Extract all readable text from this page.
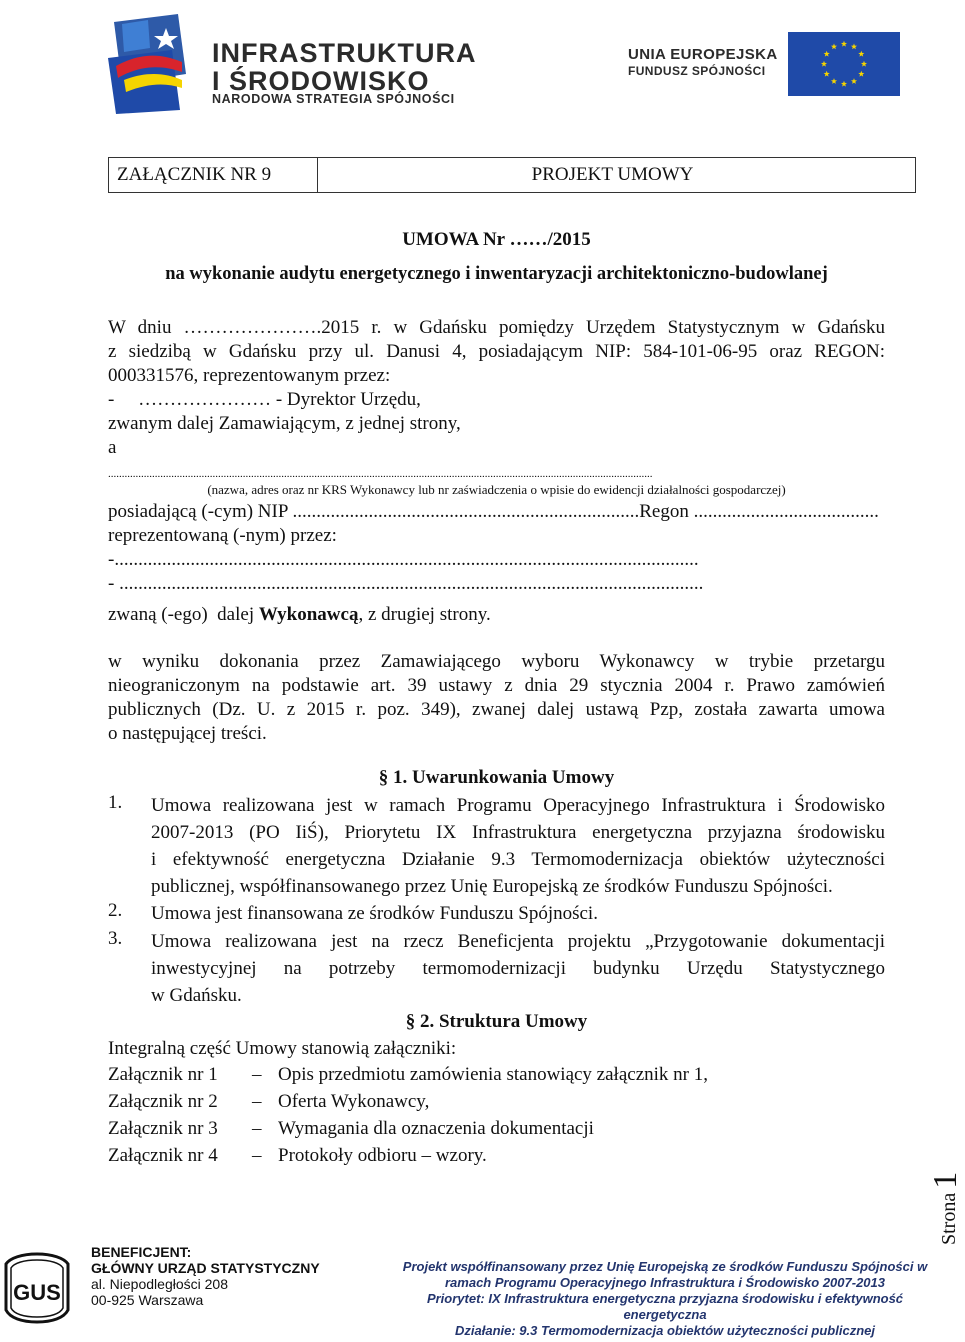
INFRASTRUKTURA
I ŚRODOWISKO
NARODOWA STRATEGIA SPÓJNOŚCI
UNIA EUROPEJSKA
FUNDUSZ SPÓJNOŚCI
ZAŁĄCZNIK NR 9	PROJEKT UMOWY
UMOWA Nr ……/2015
na wykonanie audytu energetycznego i inwentaryzacji architektoniczno-budowlanej
W dniu ………………….2015 r. w Gdańsku pomiędzy Urzędem Statystycznym w Gdańsku
z siedzibą w Gdańsku przy ul. Danusi 4, posiadającym NIP: 584-101-06-95 oraz REGON:
000331576, reprezentowanym przez:
-     ………………… - Dyrektor Urzędu,
zwanym dalej Zamawiającym, z jednej strony,
a
......................................................................................................................................................................................................
(nazwa, adres oraz nr KRS Wykonawcy lub nr zaświadczenia o wpisie do ewidencji działalności gospodarczej)
posiadającą (-cym) NIP .........................................................................Regon .......................................
reprezentowaną (-nym) przez:
-...........................................................................................................................
- ...........................................................................................................................
zwaną (-ego)  dalej Wykonawcą, z drugiej strony.
w wyniku dokonania przez Zamawiającego wyboru Wykonawcy w trybie przetargu
nieograniczonym na podstawie art. 39 ustawy z dnia 29 stycznia 2004 r. Prawo zamówień
publicznych (Dz. U. z 2015 r. poz. 349), zwanej dalej ustawą Pzp, została zawarta umowa
o następującej treści.
§ 1. Uwarunkowania Umowy
1. Umowa realizowana jest w ramach Programu Operacyjnego Infrastruktura i Środowisko
2007-2013 (PO IiŚ), Priorytetu IX Infrastruktura energetyczna przyjazna środowisku
i efektywność energetyczna Działanie 9.3 Termomodernizacja obiektów użyteczności
publicznej, współfinansowanego przez Unię Europejską ze środków Funduszu Spójności.
2. Umowa jest finansowana ze środków Funduszu Spójności.
3. Umowa realizowana jest na rzecz Beneficjenta projektu „Przygotowanie dokumentacji
inwestycyjnej na potrzeby termomodernizacji budynku Urzędu Statystycznego
w Gdańsku.
§ 2. Struktura Umowy
Integralną część Umowy stanowią załączniki:
Załącznik nr 1 – Opis przedmiotu zamówienia stanowiący załącznik nr 1,
Załącznik nr 2 – Oferta Wykonawcy,
Załącznik nr 3 – Wymagania dla oznaczenia dokumentacji
Załącznik nr 4 – Protokoły odbioru – wzory.
Strona
1
GUS
BENEFICJENT:
GŁÓWNY URZĄD STATYSTYCZNY
al. Niepodległości 208
00-925 Warszawa
Projekt współfinansowany przez Unię Europejską ze środków Funduszu Spójności w
ramach Programu Operacyjnego Infrastruktura i Środowisko 2007-2013
Priorytet: IX Infrastruktura energetyczna przyjazna środowisku i efektywność
energetyczna
Działanie: 9.3 Termomodernizacja obiektów użyteczności publicznej
